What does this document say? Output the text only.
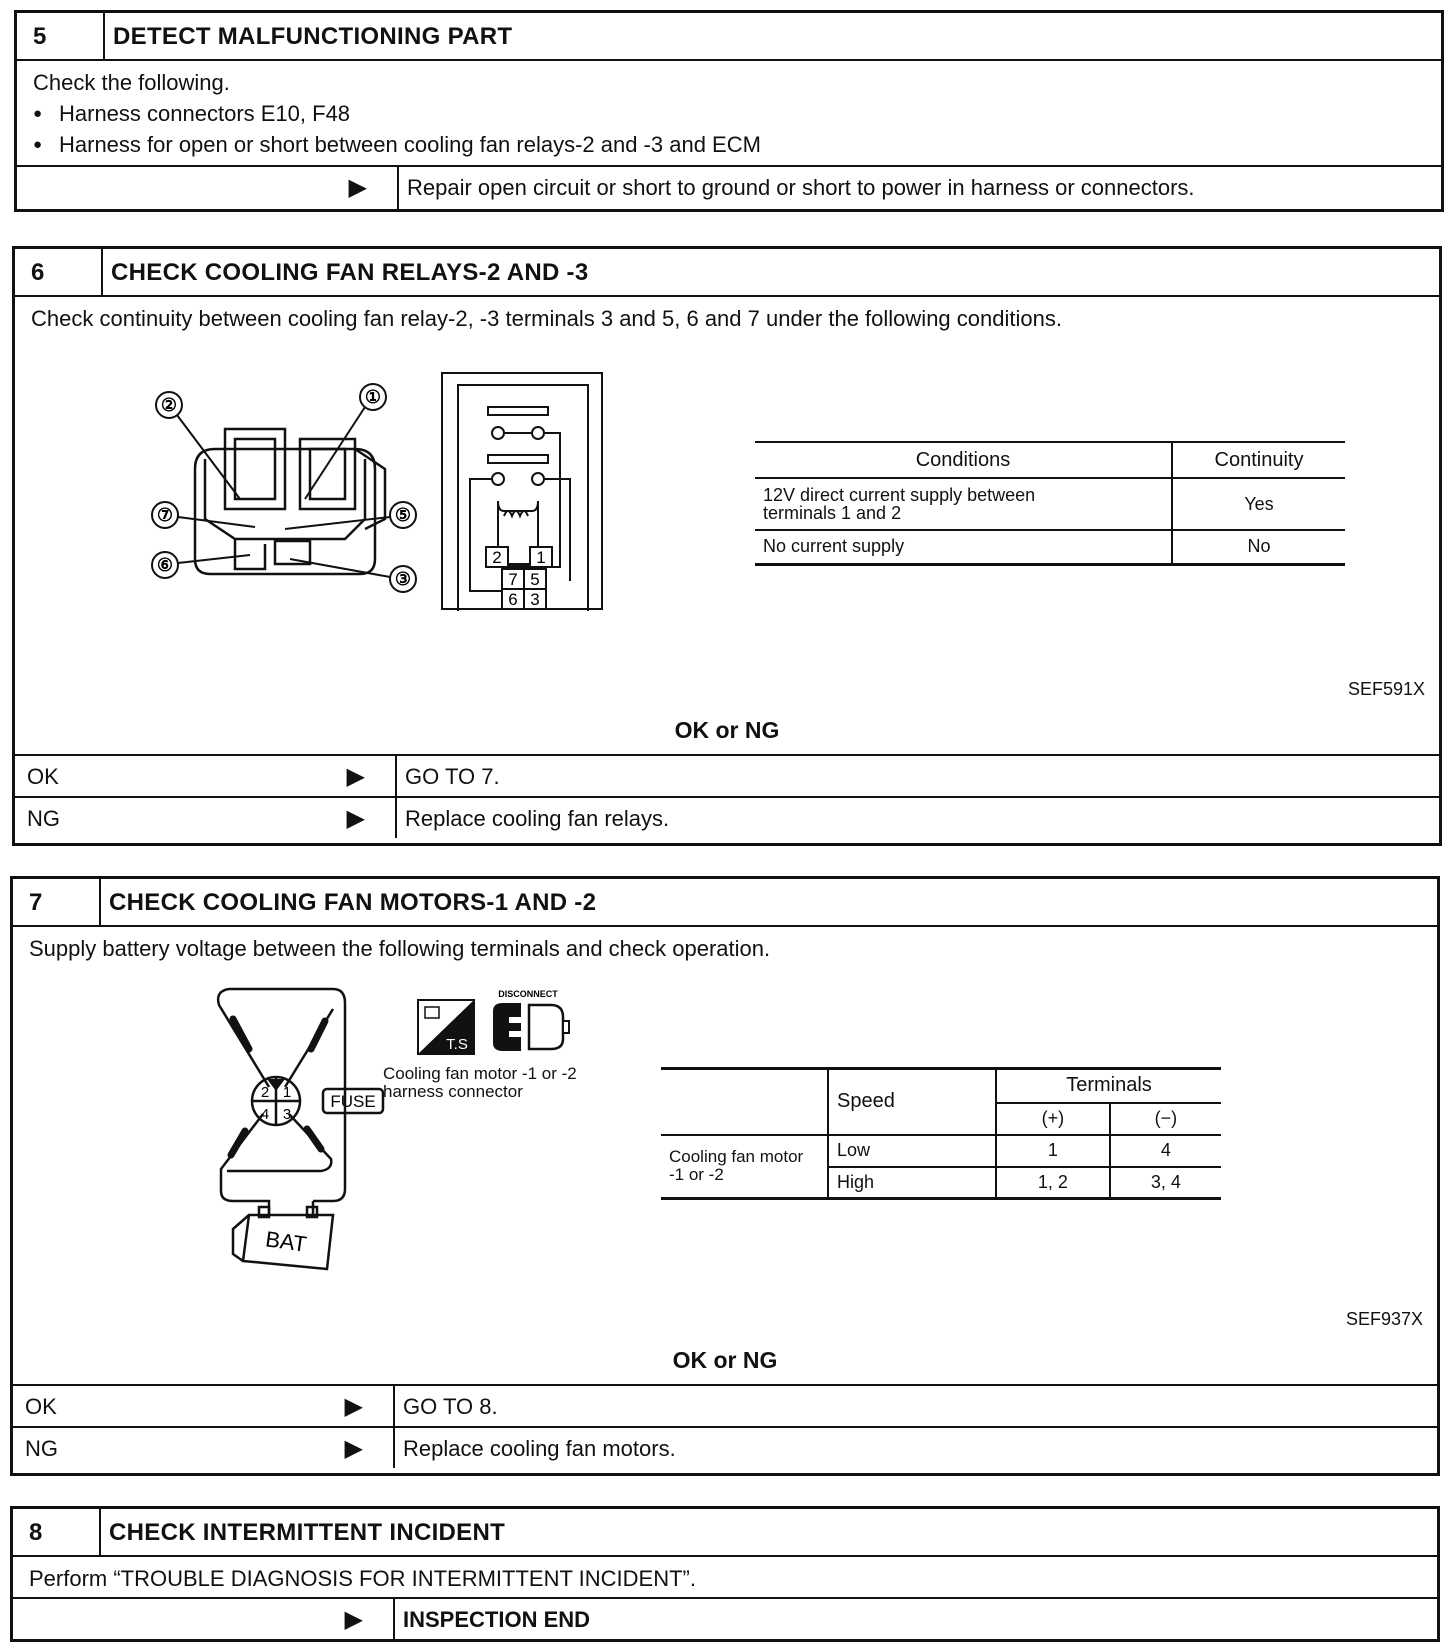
5	DETECT MALFUNCTIONING PART
Check the following.
● Harness connectors E10, F48
● Harness for open or short between cooling fan relays-2 and -3 and ECM
▶	Repair open circuit or short to ground or short to power in harness or connectors.
6	CHECK COOLING FAN RELAYS-2 AND -3
Check continuity between cooling fan relay-2, -3 terminals 3 and 5, 6 and 7 under the following conditions.
①
②
③
⑤
⑥
⑦
2 1
7 5
6 3
Conditions	Continuity

12V direct current supply between
terminals 1 and 2	Yes
No current supply	No
SEF591X
OK or NG
OK	▶	GO TO 7.
NG	▶	Replace cooling fan relays.
7	CHECK COOLING FAN MOTORS-1 AND -2
Supply battery voltage between the following terminals and check operation.
2 1
4 3
FUSE
BAT
T.S
DISCONNECT
Cooling fan motor -1 or -2
harness connector
		Speed	Terminals	
		(+)	(−)

Cooling fan motor
-1 or -2	Low	1	4
	High	1, 2	3, 4
SEF937X
OK or NG
OK	▶	GO TO 8.
NG	▶	Replace cooling fan motors.
8	CHECK INTERMITTENT INCIDENT
Perform “TROUBLE DIAGNOSIS FOR INTERMITTENT INCIDENT”.
▶	INSPECTION END
